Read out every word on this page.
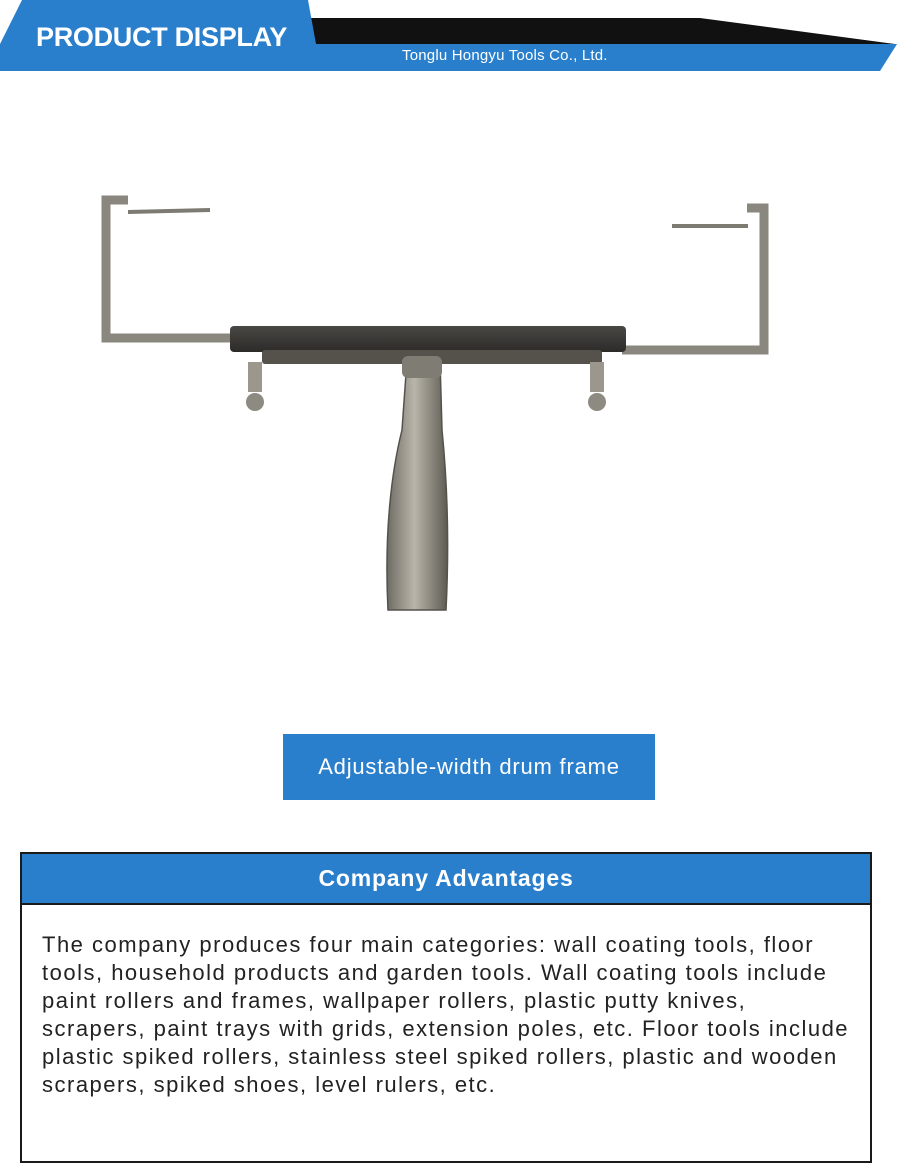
PRODUCT DISPLAY
Tonglu Hongyu Tools Co., Ltd.
Adjustable-width drum frame
Company Advantages
The company produces four main categories: wall coating tools, floor tools, household products and garden tools. Wall coating tools include paint rollers and frames, wallpaper rollers, plastic putty knives, scrapers, paint trays with grids, extension poles, etc. Floor tools include plastic spiked rollers, stainless steel spiked rollers, plastic and wooden scrapers, spiked shoes, level rulers, etc.
